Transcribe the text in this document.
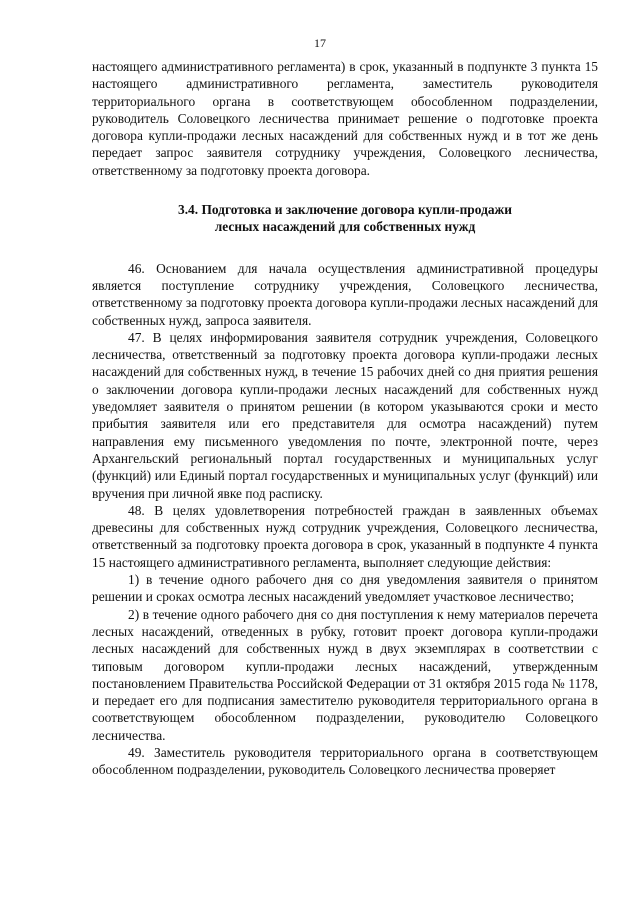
17

настоящего административного регламента) в срок, указанный в подпункте 3 пункта 15 настоящего административного регламента, заместитель руководителя территориального органа в соответствующем обособленном подразделении, руководитель Соловецкого лесничества принимает решение о подготовке проекта договора купли-продажи лесных насаждений для собственных нужд и в тот же день передает запрос заявителя сотруднику учреждения, Соловецкого лесничества, ответственному за подготовку проекта договора.

3.4. Подготовка и заключение договора купли-продажи
лесных насаждений для собственных нужд

46. Основанием для начала осуществления административной процедуры является поступление сотруднику учреждения, Соловецкого лесничества, ответственному за подготовку проекта договора купли-продажи лесных насаждений для собственных нужд, запроса заявителя.

47. В целях информирования заявителя сотрудник учреждения, Соловецкого лесничества, ответственный за подготовку проекта договора купли-продажи лесных насаждений для собственных нужд, в течение 15 рабочих дней со дня приятия решения о заключении договора купли-продажи лесных насаждений для собственных нужд уведомляет заявителя о принятом решении (в котором указываются сроки и место прибытия заявителя или его представителя для осмотра насаждений) путем направления ему письменного уведомления по почте, электронной почте, через Архангельский региональный портал государственных и муниципальных услуг (функций) или Единый портал государственных и муниципальных услуг (функций) или вручения при личной явке под расписку.

48. В целях удовлетворения потребностей граждан в заявленных объемах древесины для собственных нужд сотрудник учреждения, Соловецкого лесничества, ответственный за подготовку проекта договора в срок, указанный в подпункте 4 пункта 15 настоящего административного регламента, выполняет следующие действия:

1) в течение одного рабочего дня со дня уведомления заявителя о принятом решении и сроках осмотра лесных насаждений уведомляет участковое лесничество;

2) в течение одного рабочего дня со дня поступления к нему материалов перечета лесных насаждений, отведенных в рубку, готовит проект договора купли-продажи лесных насаждений для собственных нужд в двух экземплярах в соответствии с типовым договором купли-продажи лесных насаждений, утвержденным постановлением Правительства Российской Федерации от 31 октября 2015 года № 1178, и передает его для подписания заместителю руководителя территориального органа в соответствующем обособленном подразделении, руководителю Соловецкого лесничества.

49. Заместитель руководителя территориального органа в соответствующем обособленном подразделении, руководитель Соловецкого лесничества проверяет
